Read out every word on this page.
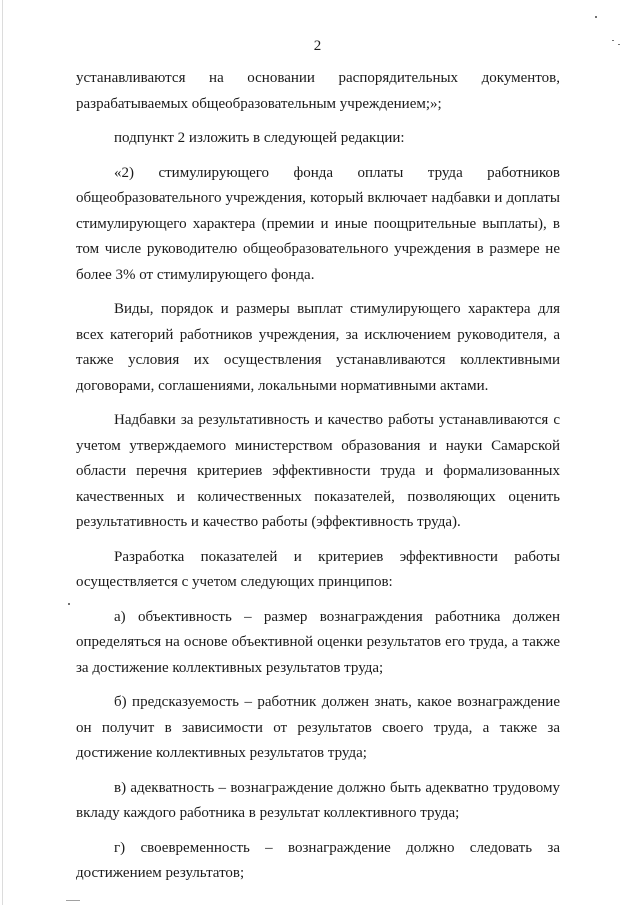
2

устанавливаются на основании распорядительных документов, разрабатываемых общеобразовательным учреждением;»;

подпункт 2 изложить в следующей редакции:

«2) стимулирующего фонда оплаты труда работников общеобразовательного учреждения, который включает надбавки и доплаты стимулирующего характера (премии и иные поощрительные выплаты), в том числе руководителю общеобразовательного учреждения в размере не более 3% от стимулирующего фонда.

Виды, порядок и размеры выплат стимулирующего характера для всех категорий работников учреждения, за исключением руководителя, а также условия их осуществления устанавливаются коллективными договорами, соглашениями, локальными нормативными актами.

Надбавки за результативность и качество работы устанавливаются с учетом утверждаемого министерством образования и науки Самарской области перечня критериев эффективности труда и формализованных качественных и количественных показателей, позволяющих оценить результативность и качество работы (эффективность труда).

Разработка показателей и критериев эффективности работы осуществляется с учетом следующих принципов:

а) объективность – размер вознаграждения работника должен определяться на основе объективной оценки результатов его труда, а также за достижение коллективных результатов труда;

б) предсказуемость – работник должен знать, какое вознаграждение он получит в зависимости от результатов своего труда, а также за достижение коллективных результатов труда;

в) адекватность – вознаграждение должно быть адекватно трудовому вкладу каждого работника в результат коллективного труда;

г) своевременность – вознаграждение должно следовать за достижением результатов;
